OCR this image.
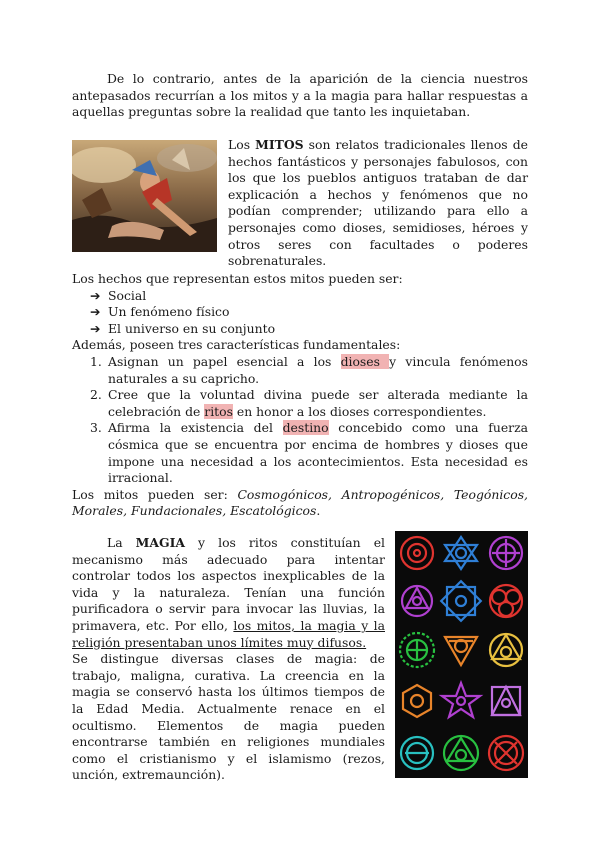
De lo contrario, antes de la aparición de la ciencia nuestros antepasados recurrían a los mitos y a la magia para hallar respuestas a aquellas preguntas sobre la realidad que tanto les inquietaban.

Los MITOS son relatos tradicionales llenos de hechos fantásticos y personajes fabulosos, con los que los pueblos antiguos trataban de dar explicación a hechos y fenómenos que no podían comprender; utilizando para ello a personajes como dioses, semidioses, héroes y otros seres con facultades o poderes sobrenaturales.

Los hechos que representan estos mitos pueden ser:

➔ Social
➔ Un fenómeno físico
➔ El universo en su conjunto

Además, poseen tres características fundamentales:

1. Asignan un papel esencial a los dioses y vincula fenómenos naturales a su capricho.
2. Cree que la voluntad divina puede ser alterada mediante la celebración de ritos en honor a los dioses correspondientes.
3. Afirma la existencia del destino concebido como una fuerza cósmica que se encuentra por encima de hombres y dioses que impone una necesidad a los acontecimientos. Esta necesidad es irracional.

Los mitos pueden ser: Cosmogónicos, Antropogénicos, Teogónicos, Morales, Fundacionales, Escatológicos.

La MAGIA y los ritos constituían el mecanismo más adecuado para intentar controlar todos los aspectos inexplicables de la vida y la naturaleza. Tenían una función purificadora o servir para invocar las lluvias, la primavera, etc. Por ello, los mitos, la magia y la religión presentaban unos límites muy difusos.

Se distingue diversas clases de magia: de trabajo, maligna, curativa. La creencia en la magia se conservó hasta los últimos tiempos de la Edad Media. Actualmente renace en el ocultismo. Elementos de magia pueden encontrarse también en religiones mundiales como el cristianismo y el islamismo (rezos, unción, extremaunción).
